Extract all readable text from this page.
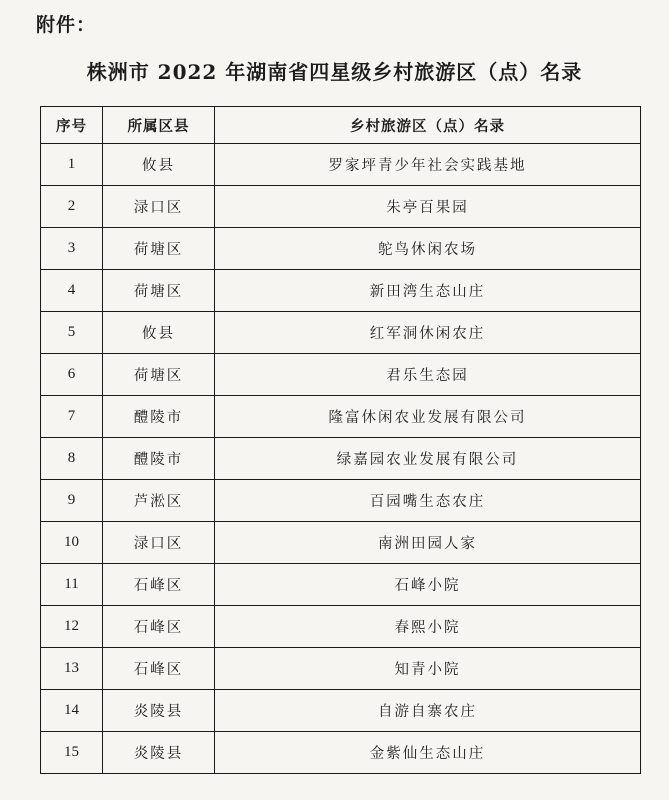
附件：
株洲市 2022 年湖南省四星级乡村旅游区（点）名录
序号	所属区县	乡村旅游区（点）名录
1	攸县	罗家坪青少年社会实践基地
2	渌口区	朱亭百果园
3	荷塘区	鸵鸟休闲农场
4	荷塘区	新田湾生态山庄
5	攸县	红军洞休闲农庄
6	荷塘区	君乐生态园
7	醴陵市	隆富休闲农业发展有限公司
8	醴陵市	绿嘉园农业发展有限公司
9	芦淞区	百园嘴生态农庄
10	渌口区	南洲田园人家
11	石峰区	石峰小院
12	石峰区	春熙小院
13	石峰区	知青小院
14	炎陵县	自游自寨农庄
15	炎陵县	金紫仙生态山庄
